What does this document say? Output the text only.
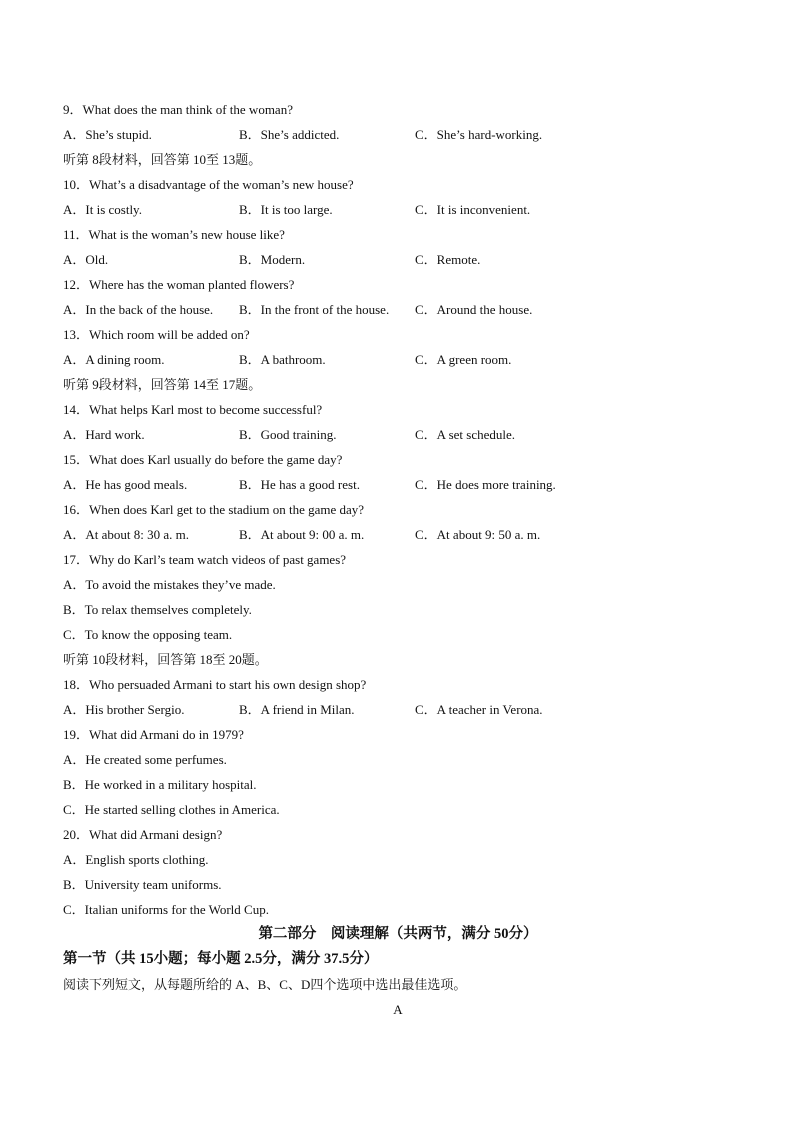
9．What does the man think of the woman?
A．She’s stupid.	B．She’s addicted.	C．She’s hard-working.
听第 8段材料，回答第 10至 13题。
10．What’s a disadvantage of the woman’s new house?
A．It is costly.	B．It is too large.	C．It is inconvenient.
11．What is the woman’s new house like?
A．Old.	B．Modern.	C．Remote.
12．Where has the woman planted flowers?
A．In the back of the house. B．In the front of the house. C．Around the house.
13．Which room will be added on?
A．A dining room.	B．A bathroom.	C．A green room.
听第 9段材料，回答第 14至 17题。
14．What helps Karl most to become successful?
A．Hard work.	B．Good training.	C．A set schedule.
15．What does Karl usually do before the game day?
A．He has good meals.	B．He has a good rest.	C．He does more training.
16．When does Karl get to the stadium on the game day?
A．At about 8: 30 a. m.	B．At about 9: 00 a. m.	C．At about 9: 50 a. m.
17．Why do Karl’s team watch videos of past games?
A．To avoid the mistakes they’ve made.
B．To relax themselves completely.
C．To know the opposing team.
听第 10段材料，回答第 18至 20题。
18．Who persuaded Armani to start his own design shop?
A．His brother Sergio.	B．A friend in Milan.	C．A teacher in Verona.
19．What did Armani do in 1979?
A．He created some perfumes.
B．He worked in a military hospital.
C．He started selling clothes in America.
20．What did Armani design?
A．English sports clothing.
B．University team uniforms.
C．Italian uniforms for the World Cup.
第二部分　阅读理解（共两节，满分 50分）
第一节（共 15小题；每小题 2.5分，满分 37.5分）
阅读下列短文，从每题所给的 A、B、C、D四个选项中选出最佳选项。
A
